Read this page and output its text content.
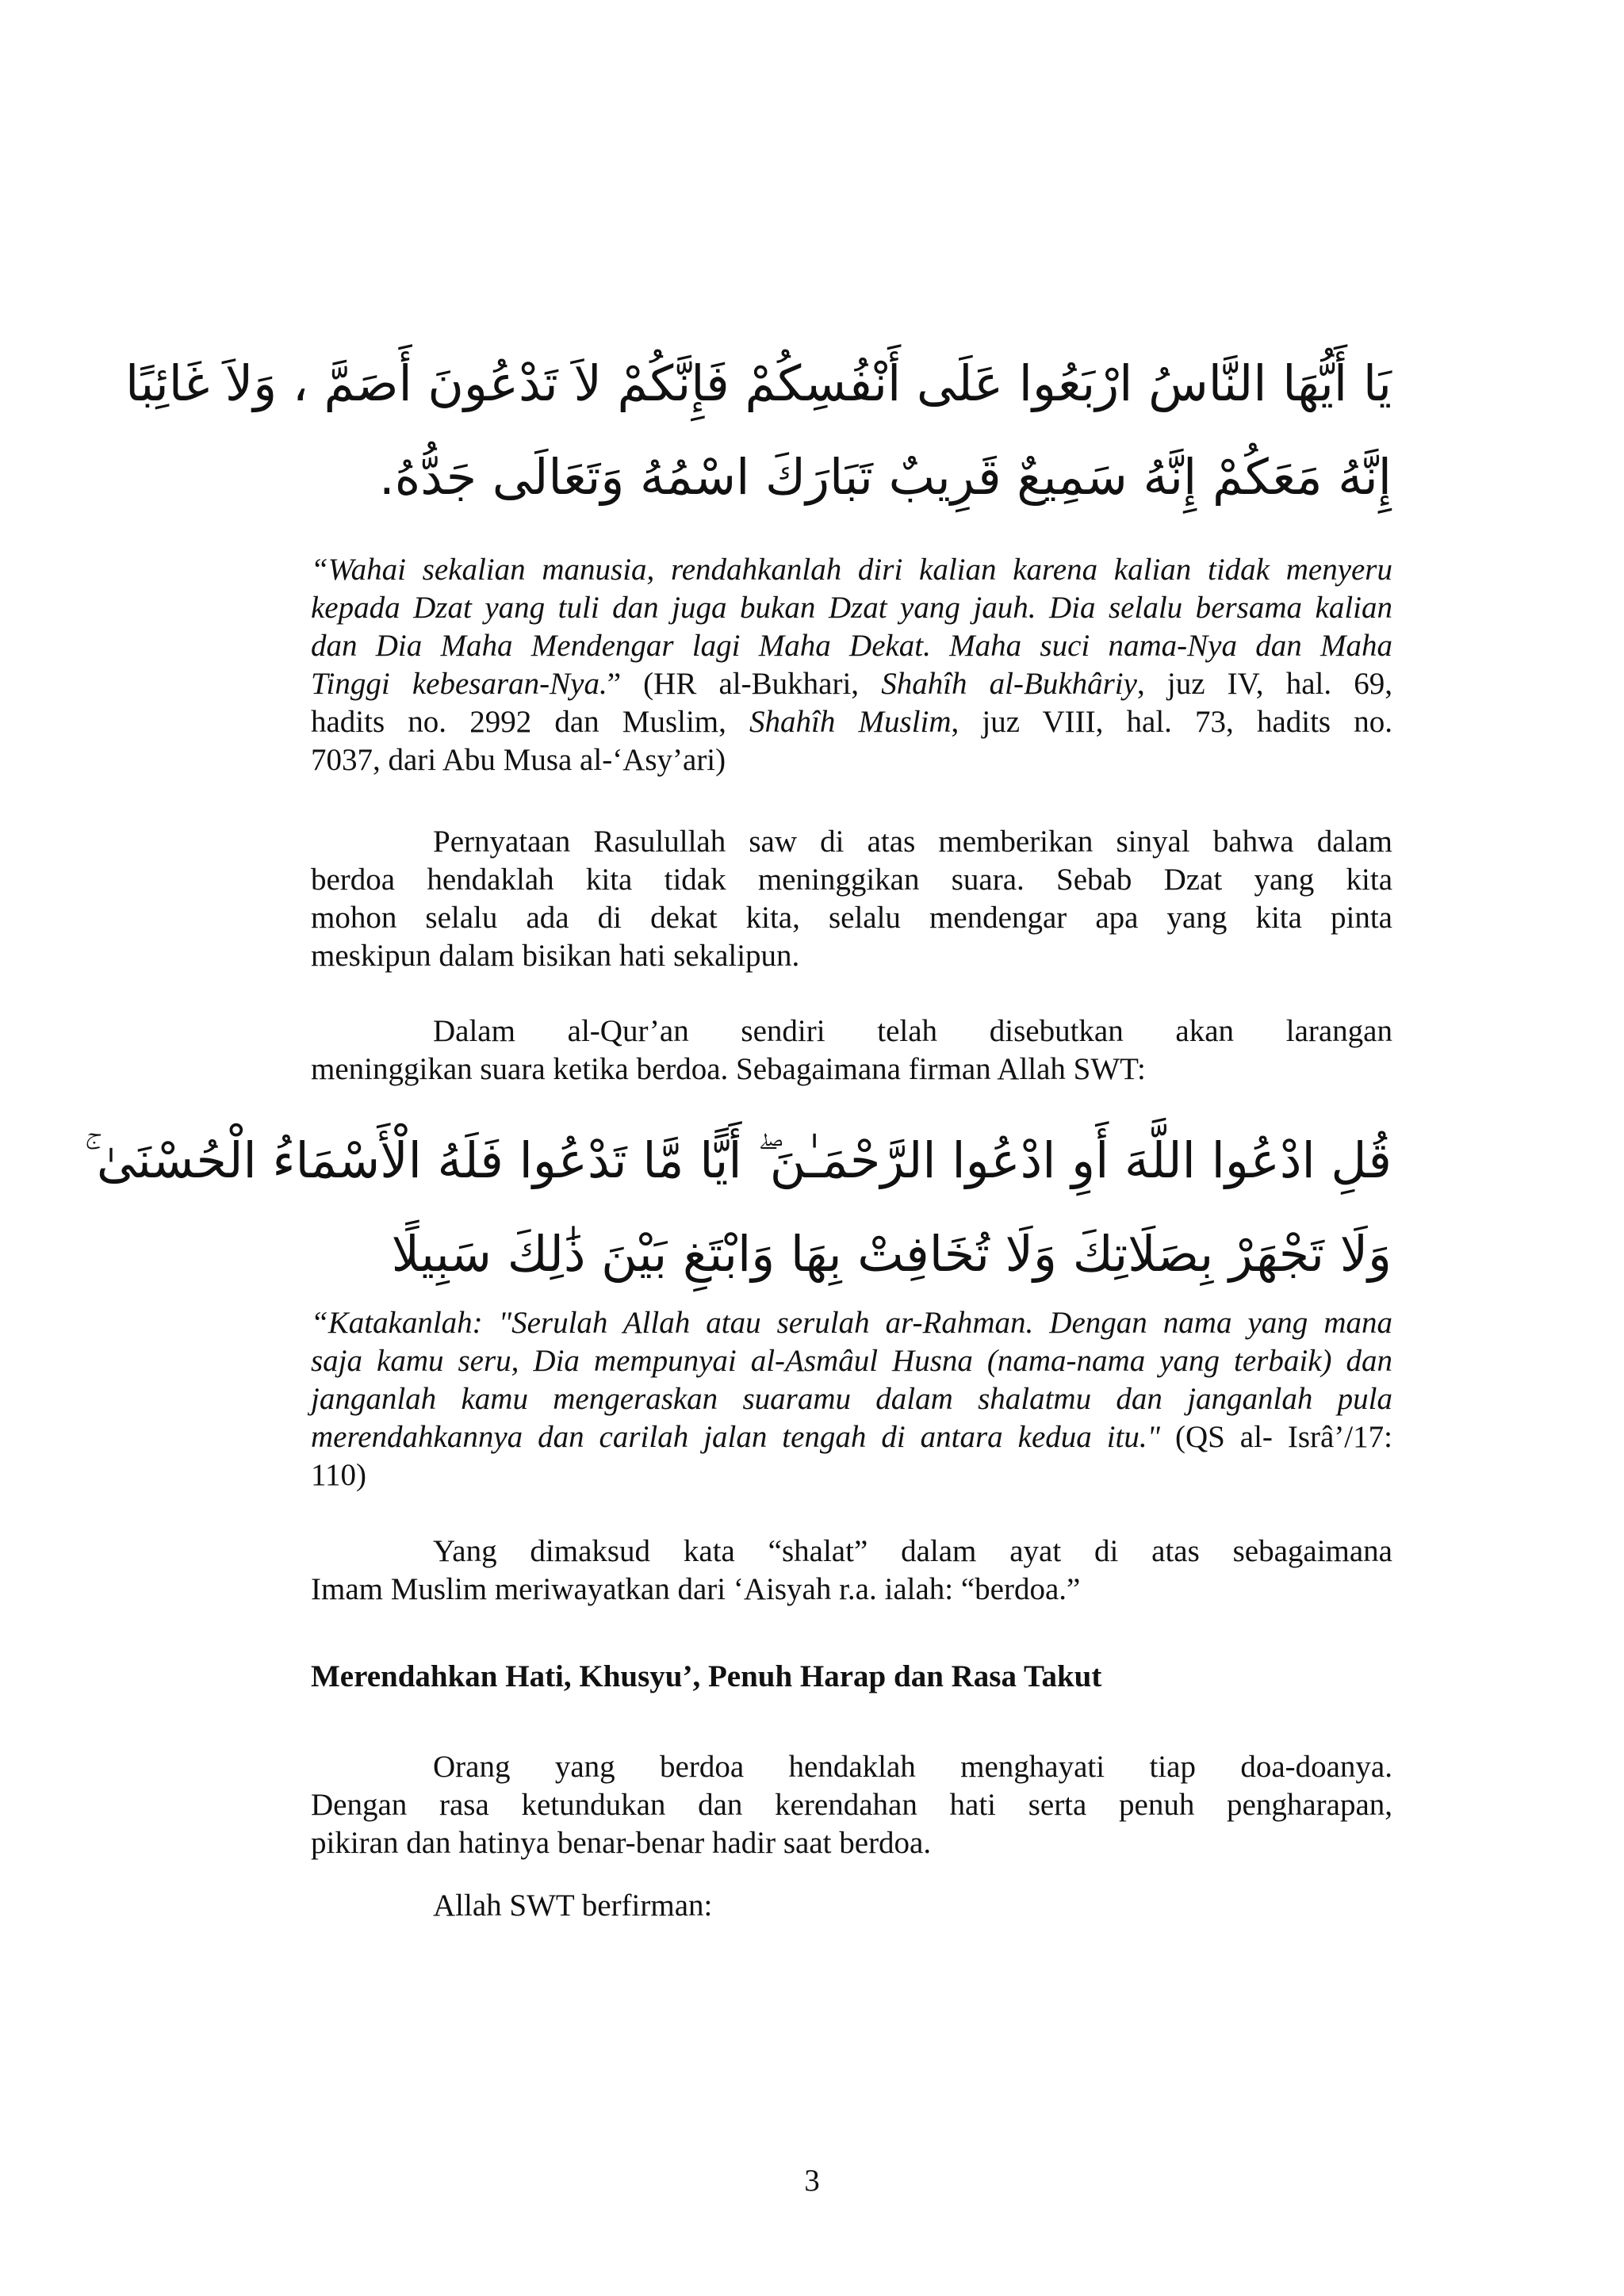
يَا أَيُّهَا النَّاسُ ارْبَعُوا عَلَى أَنْفُسِكُمْ فَإِنَّكُمْ لاَ تَدْعُونَ أَصَمَّ ، وَلاَ غَائِبًا
إِنَّهُ مَعَكُمْ إِنَّهُ سَمِيعٌ قَرِيبٌ تَبَارَكَ اسْمُهُ وَتَعَالَى جَدُّهُ.

“Wahai sekalian manusia, rendahkanlah diri kalian karena kalian tidak menyeru
kepada Dzat yang tuli dan juga bukan Dzat yang jauh. Dia selalu bersama kalian
dan Dia Maha Mendengar lagi Maha Dekat. Maha suci nama-Nya dan Maha
Tinggi kebesaran-Nya.” (HR al-Bukhari, Shahîh al-Bukhâriy, juz IV, hal. 69,
hadits no. 2992 dan Muslim, Shahîh Muslim, juz VIII, hal. 73, hadits no.
7037, dari Abu Musa al-‘Asy’ari)

Pernyataan Rasulullah saw di atas memberikan sinyal bahwa dalam
berdoa hendaklah kita tidak meninggikan suara. Sebab Dzat yang kita
mohon selalu ada di dekat kita, selalu mendengar apa yang kita pinta
meskipun dalam bisikan hati sekalipun.

Dalam al-Qur’an sendiri telah disebutkan akan larangan
meninggikan suara ketika berdoa. Sebagaimana firman Allah SWT:

قُلِ ادْعُوا اللَّهَ أَوِ ادْعُوا الرَّحْمَـٰنَ ۖ أَيًّا مَّا تَدْعُوا فَلَهُ الْأَسْمَاءُ الْحُسْنَىٰ ۚ
وَلَا تَجْهَرْ بِصَلَاتِكَ وَلَا تُخَافِتْ بِهَا وَابْتَغِ بَيْنَ ذَٰلِكَ سَبِيلًا

“Katakanlah: "Serulah Allah atau serulah ar-Rahman. Dengan nama yang mana
saja kamu seru, Dia mempunyai al-Asmâul Husna (nama-nama yang terbaik) dan
janganlah kamu mengeraskan suaramu dalam shalatmu dan janganlah pula
merendahkannya dan carilah jalan tengah di antara kedua itu." (QS al- Isrâ’/17:
110)

Yang dimaksud kata “shalat” dalam ayat di atas sebagaimana
Imam Muslim meriwayatkan dari ‘Aisyah r.a. ialah: “berdoa.”

Merendahkan Hati, Khusyu’, Penuh Harap dan Rasa Takut

Orang yang berdoa hendaklah menghayati tiap doa-doanya.
Dengan rasa ketundukan dan kerendahan hati serta penuh pengharapan,
pikiran dan hatinya benar-benar hadir saat berdoa.

Allah SWT berfirman:

3
